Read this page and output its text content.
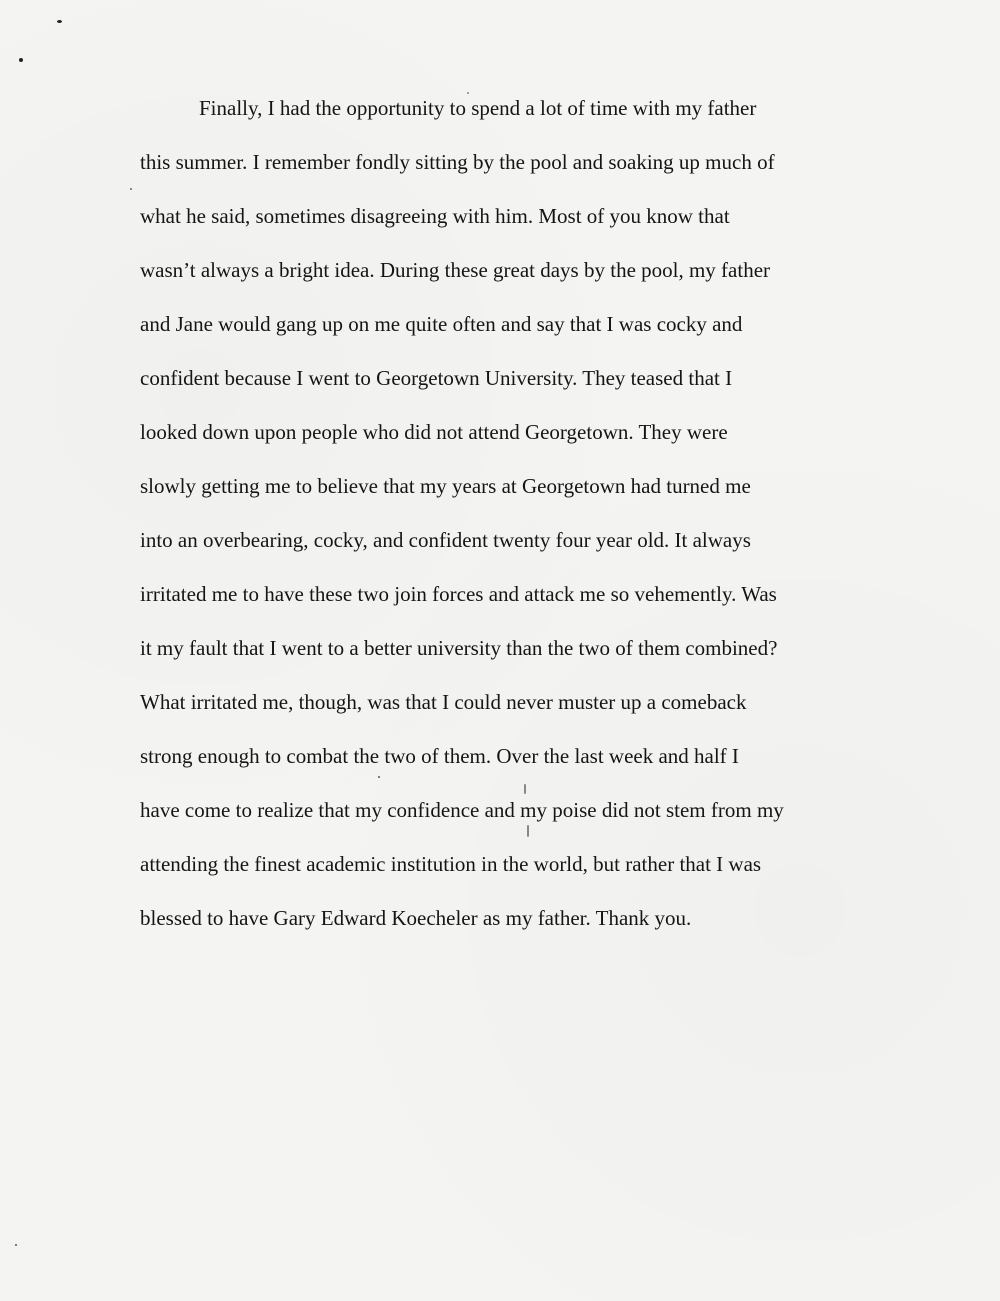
Finally, I had the opportunity to spend a lot of time with my father
this summer. I remember fondly sitting by the pool and soaking up much of
what he said, sometimes disagreeing with him. Most of you know that
wasn’t always a bright idea. During these great days by the pool, my father
and Jane would gang up on me quite often and say that I was cocky and
confident because I went to Georgetown University. They teased that I
looked down upon people who did not attend Georgetown. They were
slowly getting me to believe that my years at Georgetown had turned me
into an overbearing, cocky, and confident twenty four year old. It always
irritated me to have these two join forces and attack me so vehemently. Was
it my fault that I went to a better university than the two of them combined?
What irritated me, though, was that I could never muster up a comeback
strong enough to combat the two of them. Over the last week and half I
have come to realize that my confidence and my poise did not stem from my
attending the finest academic institution in the world, but rather that I was
blessed to have Gary Edward Koecheler as my father. Thank you.
